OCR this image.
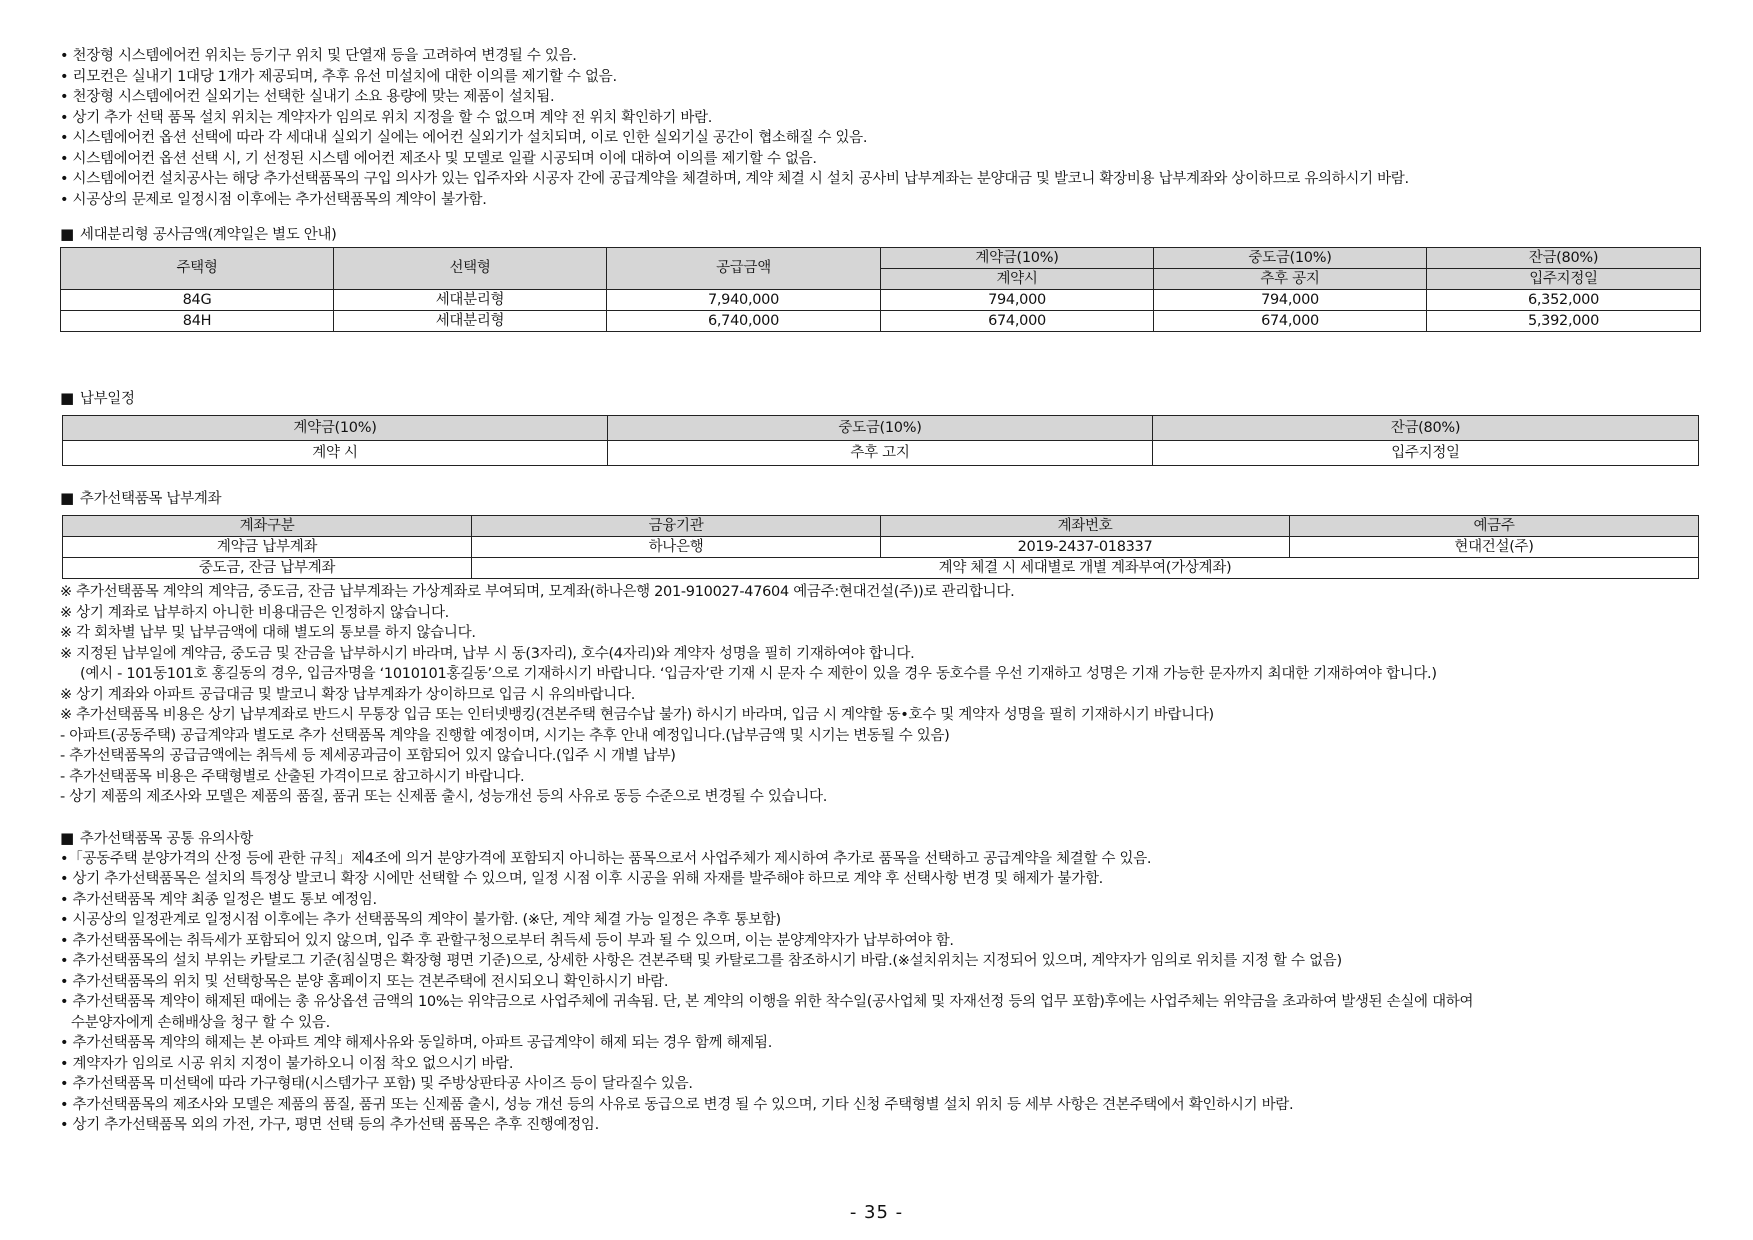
• 천장형 시스템에어컨 위치는 등기구 위치 및 단열재 등을 고려하여 변경될 수 있음.
• 리모컨은 실내기 1대당 1개가 제공되며, 추후 유선 미설치에 대한 이의를 제기할 수 없음.
• 천장형 시스템에어컨 실외기는 선택한 실내기 소요 용량에 맞는 제품이 설치됨.
• 상기 추가 선택 품목 설치 위치는 계약자가 임의로 위치 지정을 할 수 없으며 계약 전 위치 확인하기 바람.
• 시스템에어컨 옵션 선택에 따라 각 세대내 실외기 실에는 에어컨 실외기가 설치되며, 이로 인한 실외기실 공간이 협소해질 수 있음.
• 시스템에어컨 옵션 선택 시, 기 선정된 시스템 에어컨 제조사 및 모델로 일괄 시공되며 이에 대하여 이의를 제기할 수 없음.
• 시스템에어컨 설치공사는 해당 추가선택품목의 구입 의사가 있는 입주자와 시공자 간에 공급계약을 체결하며, 계약 체결 시 설치 공사비 납부계좌는 분양대금 및 발코니 확장비용 납부계좌와 상이하므로 유의하시기 바람.
• 시공상의 문제로 일정시점 이후에는 추가선택품목의 계약이 불가함.
■ 세대분리형 공사금액(계약일은 별도 안내)
주택형	선택형	공급금액	계약금(10%)	중도금(10%)	잔금(80%)
			계약시	추후 공지	입주지정일
84G	세대분리형	7,940,000	794,000	794,000	6,352,000
84H	세대분리형	6,740,000	674,000	674,000	5,392,000
■ 납부일정
계약금(10%)	중도금(10%)	잔금(80%)
계약 시	추후 고지	입주지정일
■ 추가선택품목 납부계좌
계좌구분	금융기관	계좌번호	예금주
계약금 납부계좌	하나은행	2019-2437-018337	현대건설(주)
중도금, 잔금 납부계좌	계약 체결 시 세대별로 개별 계좌부여(가상계좌)		
※ 추가선택품목 계약의 계약금, 중도금, 잔금 납부계좌는 가상계좌로 부여되며, 모계좌(하나은행 201-910027-47604 예금주:현대건설(주))로 관리합니다.
※ 상기 계좌로 납부하지 아니한 비용대금은 인정하지 않습니다.
※ 각 회차별 납부 및 납부금액에 대해 별도의 통보를 하지 않습니다.
※ 지정된 납부일에 계약금, 중도금 및 잔금을 납부하시기 바라며, 납부 시 동(3자리), 호수(4자리)와 계약자 성명을 필히 기재하여야 합니다.
(예시 - 101동101호 홍길동의 경우, 입금자명을 ‘1010101홍길동’으로 기재하시기 바랍니다. ‘입금자’란 기재 시 문자 수 제한이 있을 경우 동호수를 우선 기재하고 성명은 기재 가능한 문자까지 최대한 기재하여야 합니다.)
※ 상기 계좌와 아파트 공급대금 및 발코니 확장 납부계좌가 상이하므로 입금 시 유의바랍니다.
※ 추가선택품목 비용은 상기 납부계좌로 반드시 무통장 입금 또는 인터넷뱅킹(견본주택 현금수납 불가) 하시기 바라며, 입금 시 계약할 동•호수 및 계약자 성명을 필히 기재하시기 바랍니다)
- 아파트(공동주택) 공급계약과 별도로 추가 선택품목 계약을 진행할 예정이며, 시기는 추후 안내 예정입니다.(납부금액 및 시기는 변동될 수 있음)
- 추가선택품목의 공급금액에는 취득세 등 제세공과금이 포함되어 있지 않습니다.(입주 시 개별 납부)
- 추가선택품목 비용은 주택형별로 산출된 가격이므로 참고하시기 바랍니다.
- 상기 제품의 제조사와 모델은 제품의 품질, 품귀 또는 신제품 출시, 성능개선 등의 사유로 동등 수준으로 변경될 수 있습니다.
■ 추가선택품목 공통 유의사항
•「공동주택 분양가격의 산정 등에 관한 규칙」제4조에 의거 분양가격에 포함되지 아니하는 품목으로서 사업주체가 제시하여 추가로 품목을 선택하고 공급계약을 체결할 수 있음.
• 상기 추가선택품목은 설치의 특정상 발코니 확장 시에만 선택할 수 있으며, 일정 시점 이후 시공을 위해 자재를 발주해야 하므로 계약 후 선택사항 변경 및 해제가 불가함.
• 추가선택품목 계약 최종 일정은 별도 통보 예정임.
• 시공상의 일정관계로 일정시점 이후에는 추가 선택품목의 계약이 불가함. (※단, 계약 체결 가능 일정은 추후 통보함)
• 추가선택품목에는 취득세가 포함되어 있지 않으며, 입주 후 관할구청으로부터 취득세 등이 부과 될 수 있으며, 이는 분양계약자가 납부하여야 함.
• 추가선택품목의 설치 부위는 카탈로그 기준(침실명은 확장형 평면 기준)으로, 상세한 사항은 견본주택 및 카탈로그를 참조하시기 바람.(※설치위치는 지정되어 있으며, 계약자가 임의로 위치를 지정 할 수 없음)
• 추가선택품목의 위치 및 선택항목은 분양 홈페이지 또는 견본주택에 전시되오니 확인하시기 바람.
• 추가선택품목 계약이 해제된 때에는 총 유상옵션 금액의 10%는 위약금으로 사업주체에 귀속됨. 단, 본 계약의 이행을 위한 착수일(공사업체 및 자재선정 등의 업무 포함)후에는 사업주체는 위약금을 초과하여 발생된 손실에 대하여
수분양자에게 손해배상을 청구 할 수 있음.
• 추가선택품목 계약의 해제는 본 아파트 계약 해제사유와 동일하며, 아파트 공급계약이 해제 되는 경우 함께 해제됨.
• 계약자가 임의로 시공 위치 지정이 불가하오니 이점 착오 없으시기 바람.
• 추가선택품목 미선택에 따라 가구형태(시스템가구 포함) 및 주방상판타공 사이즈 등이 달라질수 있음.
• 추가선택품목의 제조사와 모델은 제품의 품질, 품귀 또는 신제품 출시, 성능 개선 등의 사유로 동급으로 변경 될 수 있으며, 기타 신청 주택형별 설치 위치 등 세부 사항은 견본주택에서 확인하시기 바람.
• 상기 추가선택품목 외의 가전, 가구, 평면 선택 등의 추가선택 품목은 추후 진행예정임.
- 35 -
